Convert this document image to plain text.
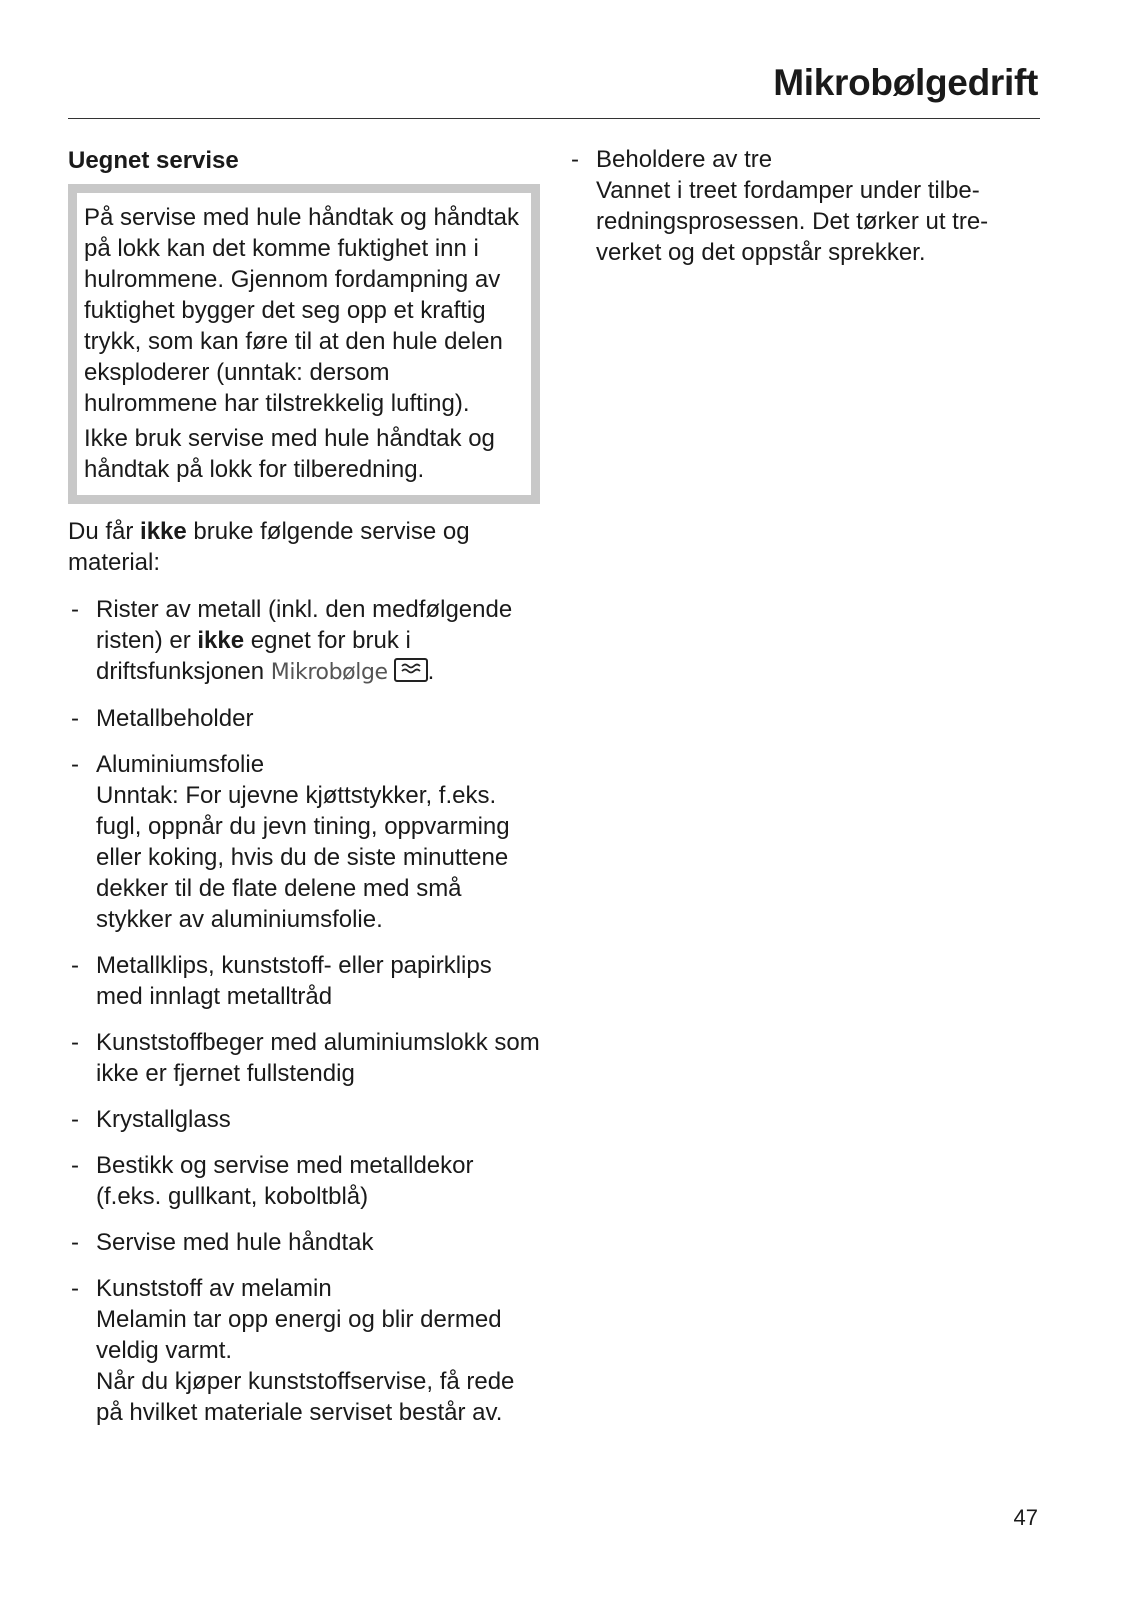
Mikrobølgedrift
Uegnet servise

På servise med hule håndtak og håndtak på lokk kan det komme fuktighet inn i hulrommene. Gjennom fordampning av fuktighet bygger det seg opp et kraftig trykk, som kan føre til at den hule delen eksploderer (unntak: dersom hulrommene har tilstrekkelig lufting).

Ikke bruk servise med hule håndtak og håndtak på lokk for tilberedning.

Du får ikke bruke følgende servise og material:

- Rister av metall (inkl. den medfølgende risten) er ikke egnet for bruk i driftsfunksjonen Mikrobølge .
- Metallbeholder
- Aluminiumsfolie
Unntak: For ujevne kjøttstykker, f.eks. fugl, oppnår du jevn tining, oppvarming eller koking, hvis du de siste minuttene dekker til de flate delene med små stykker av aluminiumsfolie.
- Metallklips, kunststoff- eller papirklips med innlagt metalltråd
- Kunststoffbeger med aluminiumslokk som ikke er fjernet fullstendig
- Krystallglass
- Bestikk og servise med metalldekor (f.eks. gullkant, koboltblå)
- Servise med hule håndtak
- Kunststoff av melamin
Melamin tar opp energi og blir dermed veldig varmt.
Når du kjøper kunststoffservise, få rede på hvilket materiale serviset består av.
- Beholdere av tre
Vannet i treet fordamper under tilberedningsprosessen. Det tørker ut treverket og det oppstår sprekker.
47
